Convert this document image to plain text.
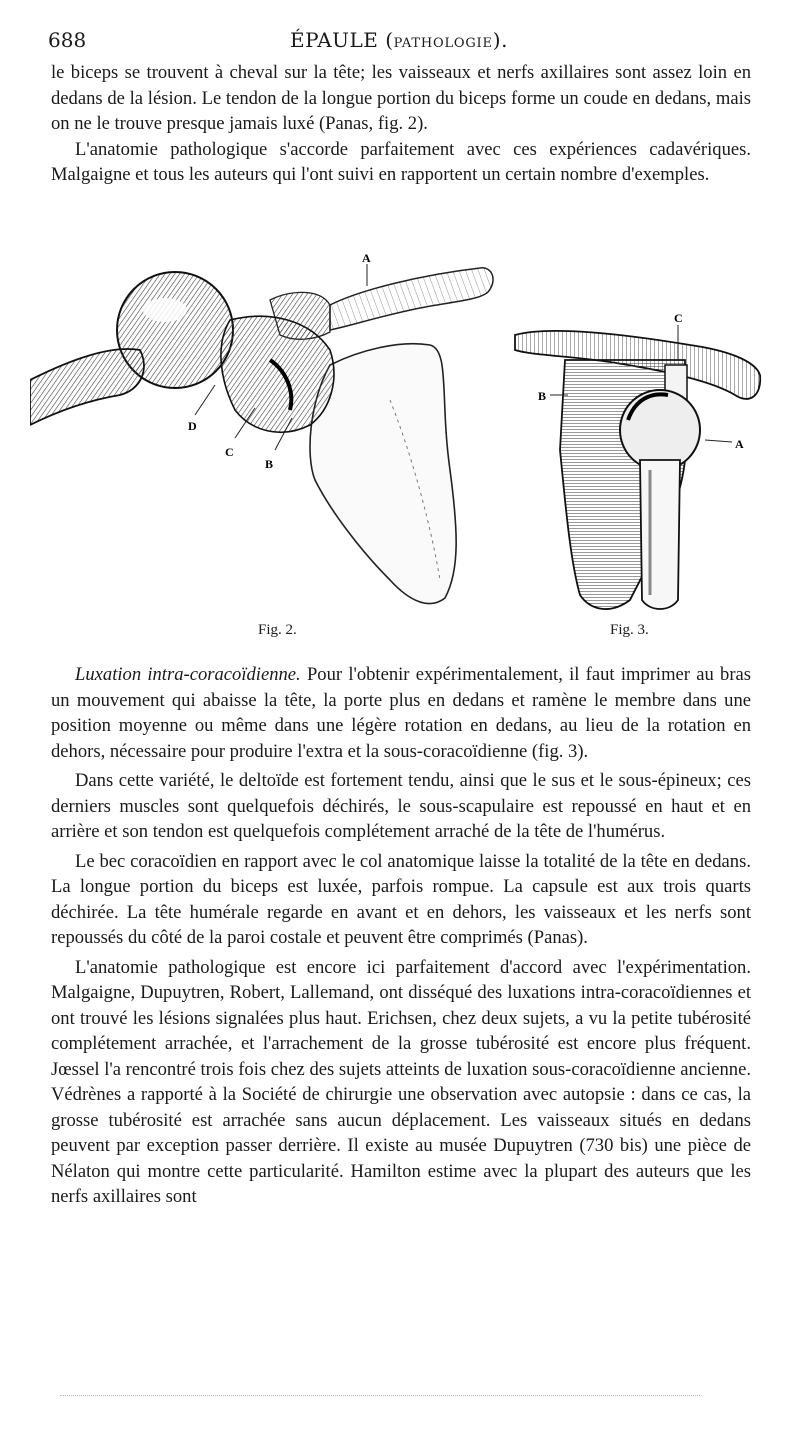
688	ÉPAULE (PATHOLOGIE).

le biceps se trouvent à cheval sur la tête; les vaisseaux et nerfs axillaires sont assez loin en dedans de la lésion. Le tendon de la longue portion du biceps forme un coude en dedans, mais on ne le trouve presque jamais luxé (Panas, fig. 2).

L'anatomie pathologique s'accorde parfaitement avec ces expériences cadavériques. Malgaigne et tous les auteurs qui l'ont suivi en rapportent un certain nombre d'exemples.

A
B
C
D
Fig. 2.
A
B
C
Fig. 3.

Luxation intra-coracoïdienne. Pour l'obtenir expérimentalement, il faut imprimer au bras un mouvement qui abaisse la tête, la porte plus en dedans et ramène le membre dans une position moyenne ou même dans une légère rotation en dedans, au lieu de la rotation en dehors, nécessaire pour produire l'extra et la sous-coracoïdienne (fig. 3).

Dans cette variété, le deltoïde est fortement tendu, ainsi que le sus et le sous-épineux; ces derniers muscles sont quelquefois déchirés, le sous-scapulaire est repoussé en haut et en arrière et son tendon est quelquefois complétement arraché de la tête de l'humérus.

Le bec coracoïdien en rapport avec le col anatomique laisse la totalité de la tête en dedans. La longue portion du biceps est luxée, parfois rompue. La capsule est aux trois quarts déchirée. La tête humérale regarde en avant et en dehors, les vaisseaux et les nerfs sont repoussés du côté de la paroi costale et peuvent être comprimés (Panas).

L'anatomie pathologique est encore ici parfaitement d'accord avec l'expérimentation. Malgaigne, Dupuytren, Robert, Lallemand, ont disséqué des luxations intra-coracoïdiennes et ont trouvé les lésions signalées plus haut. Erichsen, chez deux sujets, a vu la petite tubérosité complétement arrachée, et l'arrachement de la grosse tubérosité est encore plus fréquent. Jœssel l'a rencontré trois fois chez des sujets atteints de luxation sous-coracoïdienne ancienne. Védrènes a rapporté à la Société de chirurgie une observation avec autopsie : dans ce cas, la grosse tubérosité est arrachée sans aucun déplacement. Les vaisseaux situés en dedans peuvent par exception passer derrière. Il existe au musée Dupuytren (730 bis) une pièce de Nélaton qui montre cette particularité. Hamilton estime avec la plupart des auteurs que les nerfs axillaires sont
